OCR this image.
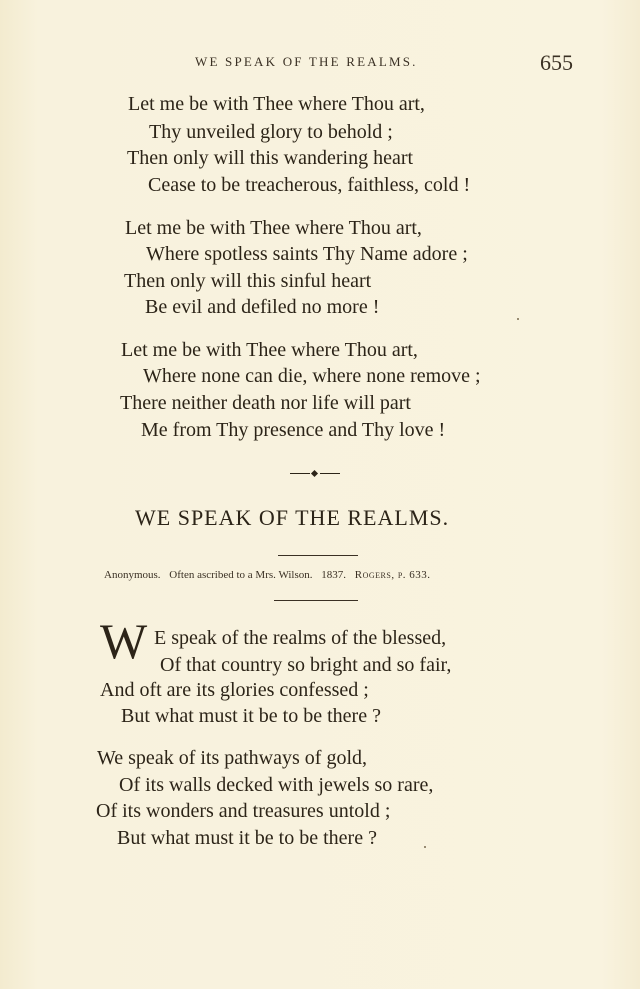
WE SPEAK OF THE REALMS.	655
Let me be with Thee where Thou art,
Thy unveiled glory to behold ;
Then only will this wandering heart
Cease to be treacherous, faithless, cold !
Let me be with Thee where Thou art,
Where spotless saints Thy Name adore ;
Then only will this sinful heart
Be evil and defiled no more !
Let me be with Thee where Thou art,
Where none can die, where none remove ;
There neither death nor life will part
Me from Thy presence and Thy love !
WE SPEAK OF THE REALMS.
Anonymous. Often ascribed to a Mrs. Wilson. 1837. Rogers, p. 633.
W E speak of the realms of the blessed,
Of that country so bright and so fair,
And oft are its glories confessed ;
But what must it be to be there ?
We speak of its pathways of gold,
Of its walls decked with jewels so rare,
Of its wonders and treasures untold ;
But what must it be to be there ?
